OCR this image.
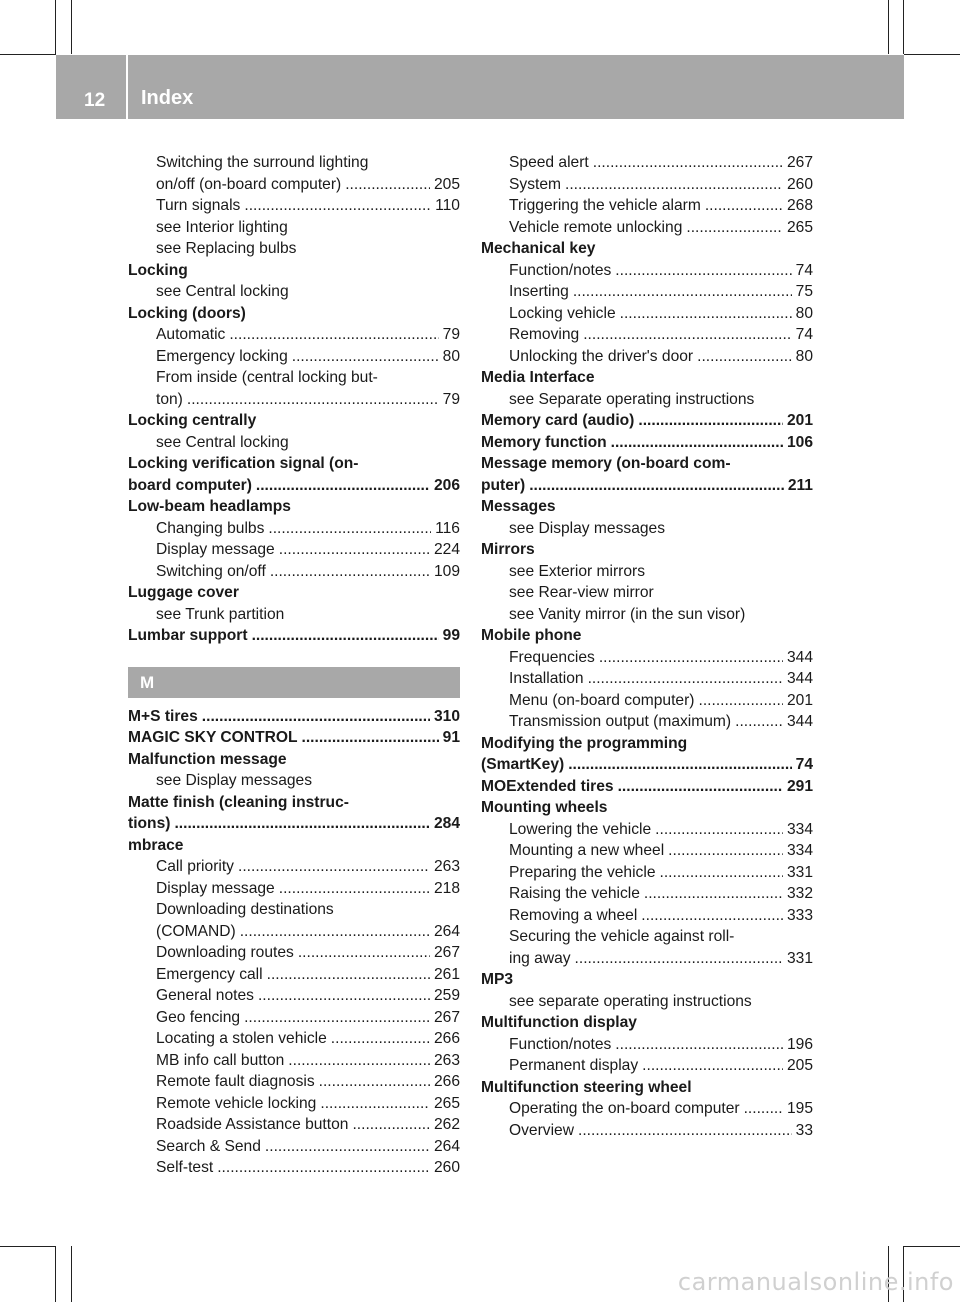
12 Index
Switching the surround lighting
on/off (on-board computer) .....	205
Turn signals .....	110
see Interior lighting
see Replacing bulbs
Locking
see Central locking
Locking (doors)
Automatic .....	79
Emergency locking .....	80
From inside (central locking but-
ton) .....	79
Locking centrally
see Central locking
Locking verification signal (on-
board computer) .....	206
Low-beam headlamps
Changing bulbs .....	116
Display message .....	224
Switching on/off .....	109
Luggage cover
see Trunk partition
Lumbar support .....	99
M
M+S tires .....	310
MAGIC SKY CONTROL .....	91
Malfunction message
see Display messages
Matte finish (cleaning instruc-
tions) .....	284
mbrace
Call priority .....	263
Display message .....	218
Downloading destinations
(COMAND) .....	264
Downloading routes .....	267
Emergency call .....	261
General notes .....	259
Geo fencing .....	267
Locating a stolen vehicle .....	266
MB info call button .....	263
Remote fault diagnosis .....	266
Remote vehicle locking .....	265
Roadside Assistance button .....	262
Search & Send .....	264
Self-test .....	260
Speed alert .....	267
System .....	260
Triggering the vehicle alarm .....	268
Vehicle remote unlocking .....	265
Mechanical key
Function/notes .....	74
Inserting .....	75
Locking vehicle .....	80
Removing .....	74
Unlocking the driver's door .....	80
Media Interface
see Separate operating instructions
Memory card (audio) .....	201
Memory function .....	106
Message memory (on-board com-
puter) .....	211
Messages
see Display messages
Mirrors
see Exterior mirrors
see Rear-view mirror
see Vanity mirror (in the sun visor)
Mobile phone
Frequencies .....	344
Installation .....	344
Menu (on-board computer) .....	201
Transmission output (maximum) .....	344
Modifying the programming
(SmartKey) .....	74
MOExtended tires .....	291
Mounting wheels
Lowering the vehicle .....	334
Mounting a new wheel .....	334
Preparing the vehicle .....	331
Raising the vehicle .....	332
Removing a wheel .....	333
Securing the vehicle against roll-
ing away .....	331
MP3
see separate operating instructions
Multifunction display
Function/notes .....	196
Permanent display .....	205
Multifunction steering wheel
Operating the on-board computer .....	195
Overview .....	33
carmanualsonline.info
